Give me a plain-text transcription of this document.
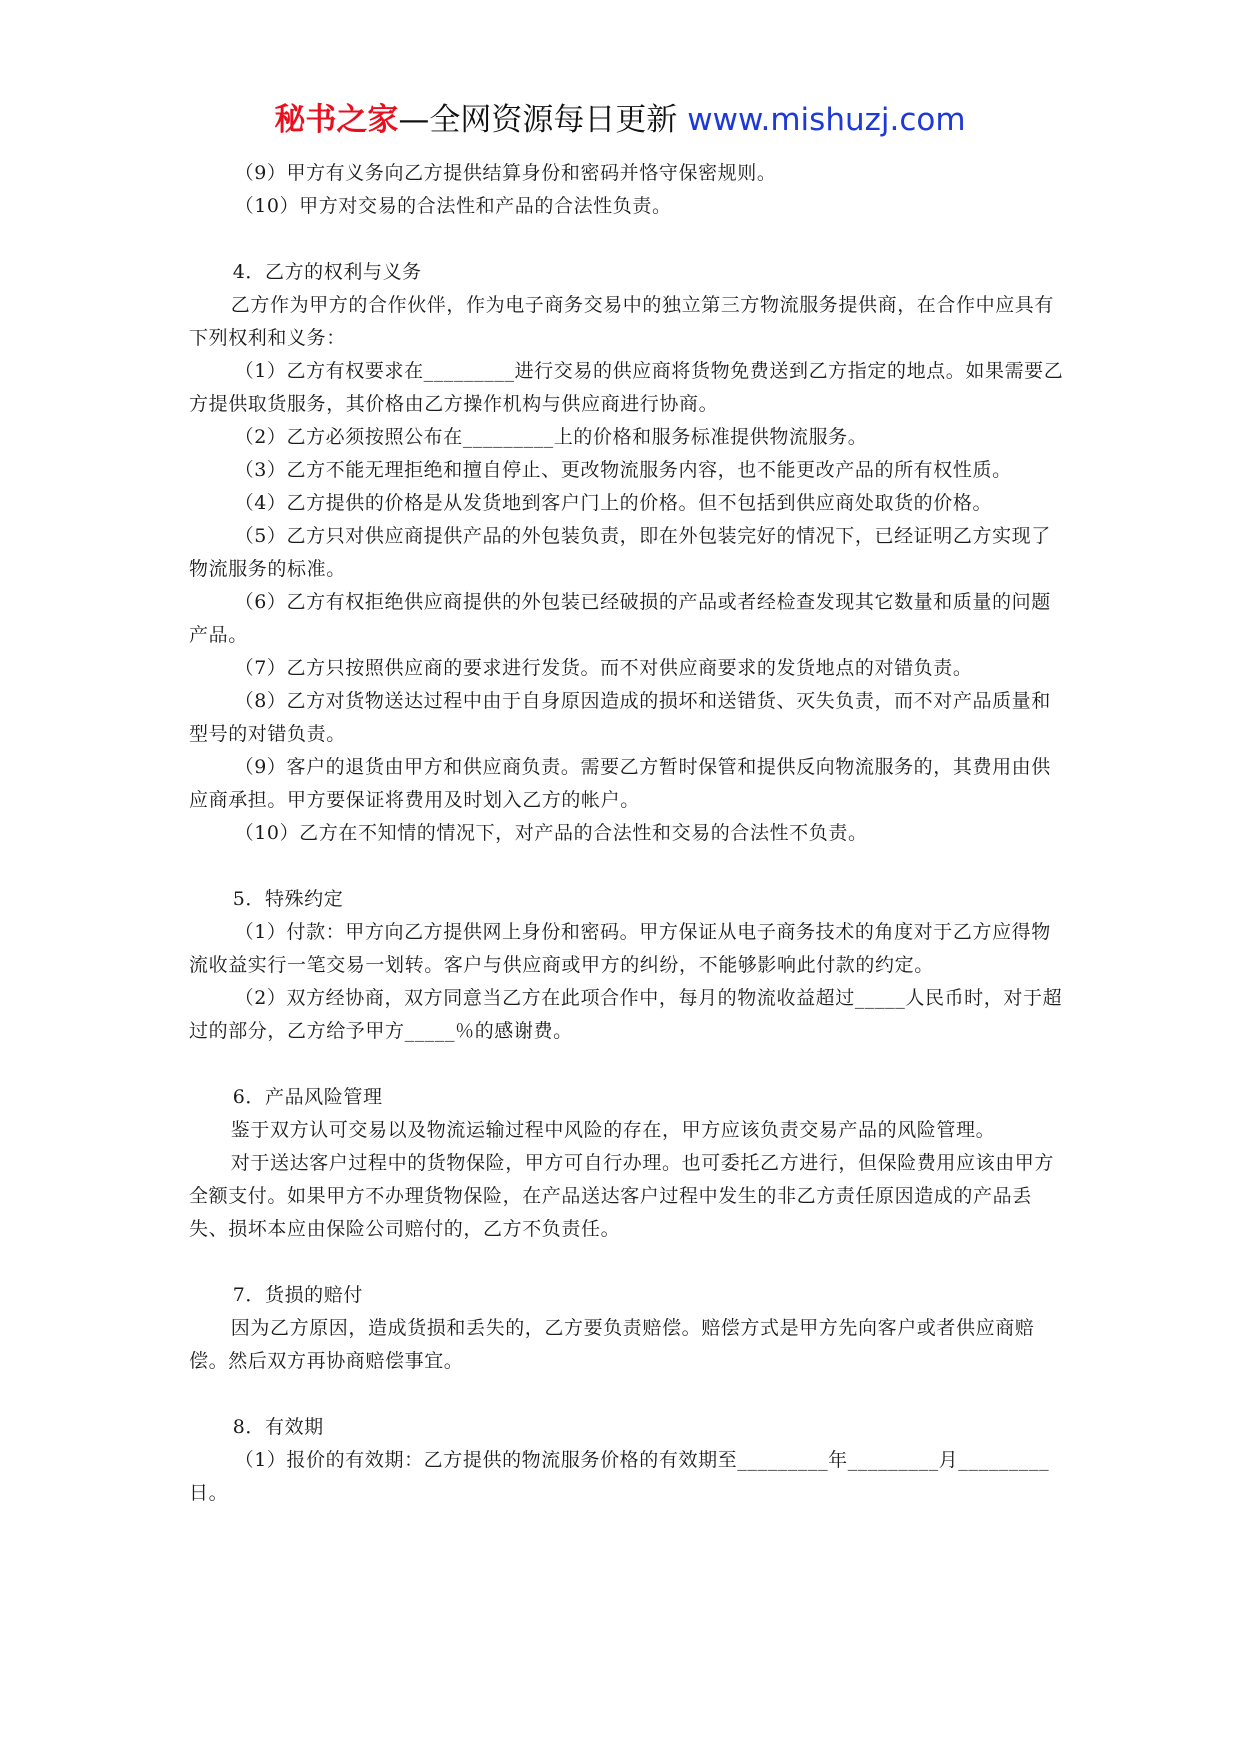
秘书之家—全网资源每日更新 www.mishuzj.com

（9）甲方有义务向乙方提供结算身份和密码并恪守保密规则。

（10）甲方对交易的合法性和产品的合法性负责。

4．乙方的权利与义务

乙方作为甲方的合作伙伴，作为电子商务交易中的独立第三方物流服务提供商，在合作中应具有下列权利和义务：

（1）乙方有权要求在_________进行交易的供应商将货物免费送到乙方指定的地点。如果需要乙方提供取货服务，其价格由乙方操作机构与供应商进行协商。

（2）乙方必须按照公布在_________上的价格和服务标准提供物流服务。

（3）乙方不能无理拒绝和擅自停止、更改物流服务内容，也不能更改产品的所有权性质。

（4）乙方提供的价格是从发货地到客户门上的价格。但不包括到供应商处取货的价格。

（5）乙方只对供应商提供产品的外包装负责，即在外包装完好的情况下，已经证明乙方实现了物流服务的标准。

（6）乙方有权拒绝供应商提供的外包装已经破损的产品或者经检查发现其它数量和质量的问题产品。

（7）乙方只按照供应商的要求进行发货。而不对供应商要求的发货地点的对错负责。

（8）乙方对货物送达过程中由于自身原因造成的损坏和送错货、灭失负责，而不对产品质量和型号的对错负责。

（9）客户的退货由甲方和供应商负责。需要乙方暂时保管和提供反向物流服务的，其费用由供应商承担。甲方要保证将费用及时划入乙方的帐户。

（10）乙方在不知情的情况下，对产品的合法性和交易的合法性不负责。

5．特殊约定

（1）付款：甲方向乙方提供网上身份和密码。甲方保证从电子商务技术的角度对于乙方应得物流收益实行一笔交易一划转。客户与供应商或甲方的纠纷，不能够影响此付款的约定。

（2）双方经协商，双方同意当乙方在此项合作中，每月的物流收益超过_____人民币时，对于超过的部分，乙方给予甲方_____％的感谢费。

6．产品风险管理

鉴于双方认可交易以及物流运输过程中风险的存在，甲方应该负责交易产品的风险管理。

对于送达客户过程中的货物保险，甲方可自行办理。也可委托乙方进行，但保险费用应该由甲方全额支付。如果甲方不办理货物保险，在产品送达客户过程中发生的非乙方责任原因造成的产品丢失、损坏本应由保险公司赔付的，乙方不负责任。

7．货损的赔付

因为乙方原因，造成货损和丢失的，乙方要负责赔偿。赔偿方式是甲方先向客户或者供应商赔偿。然后双方再协商赔偿事宜。

8．有效期

（1）报价的有效期：乙方提供的物流服务价格的有效期至_________年_________月_________日。
